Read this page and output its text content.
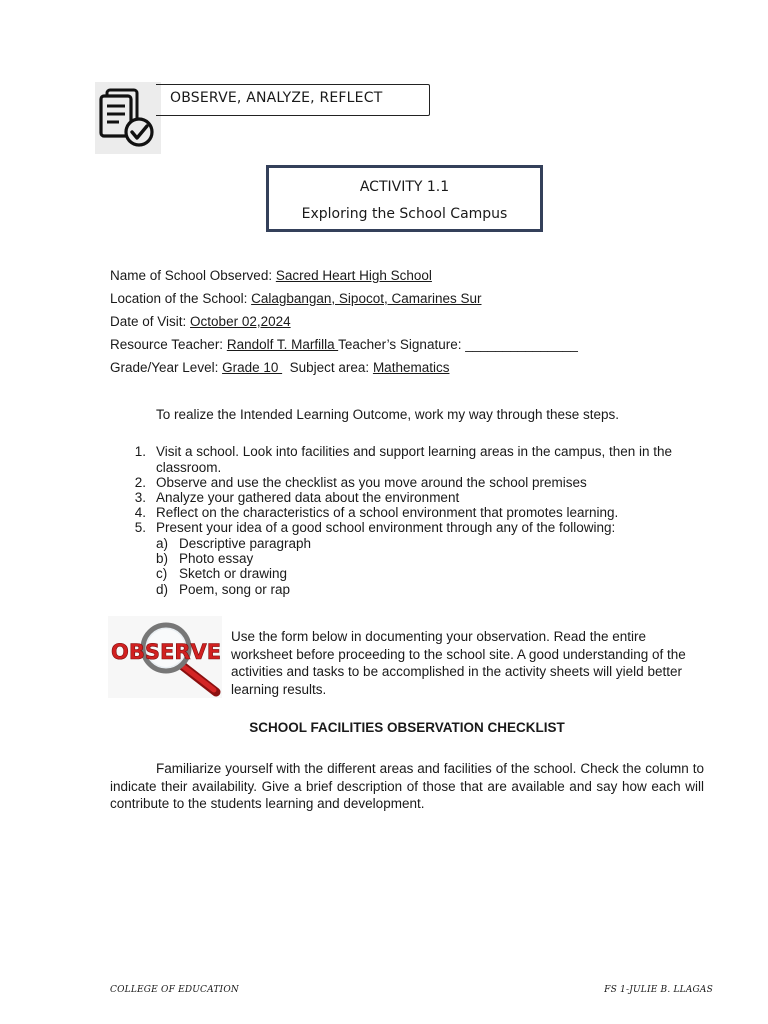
OBSERVE, ANALYZE, REFLECT
ACTIVITY 1.1
Exploring the School Campus
Name of School Observed: Sacred Heart High School
Location of the School: Calagbangan, Sipocot, Camarines Sur
Date of Visit: October 02,2024
Resource Teacher: Randolf T. Marfilla Teacher’s Signature: _______________
Grade/Year Level: Grade 10   Subject area: Mathematics
To realize the Intended Learning Outcome, work my way through these steps.
1. Visit a school. Look into facilities and support learning areas in the campus, then in the classroom.
2. Observe and use the checklist as you move around the school premises
3. Analyze your gathered data about the environment
4. Reflect on the characteristics of a school environment that promotes learning.
5. Present your idea of a good school environment through any of the following:
a) Descriptive paragraph
b) Photo essay
c) Sketch or drawing
d) Poem, song or rap
OBSERVE
Use the form below in documenting your observation. Read the entire worksheet before proceeding to the school site. A good understanding of the activities and tasks to be accomplished in the activity sheets will yield better learning results.
SCHOOL FACILITIES OBSERVATION CHECKLIST
Familiarize yourself with the different areas and facilities of the school. Check the column to indicate their availability. Give a brief description of those that are available and say how each will contribute to the students learning and development.
COLLEGE OF EDUCATION	FS 1-JULIE B. LLAGAS
